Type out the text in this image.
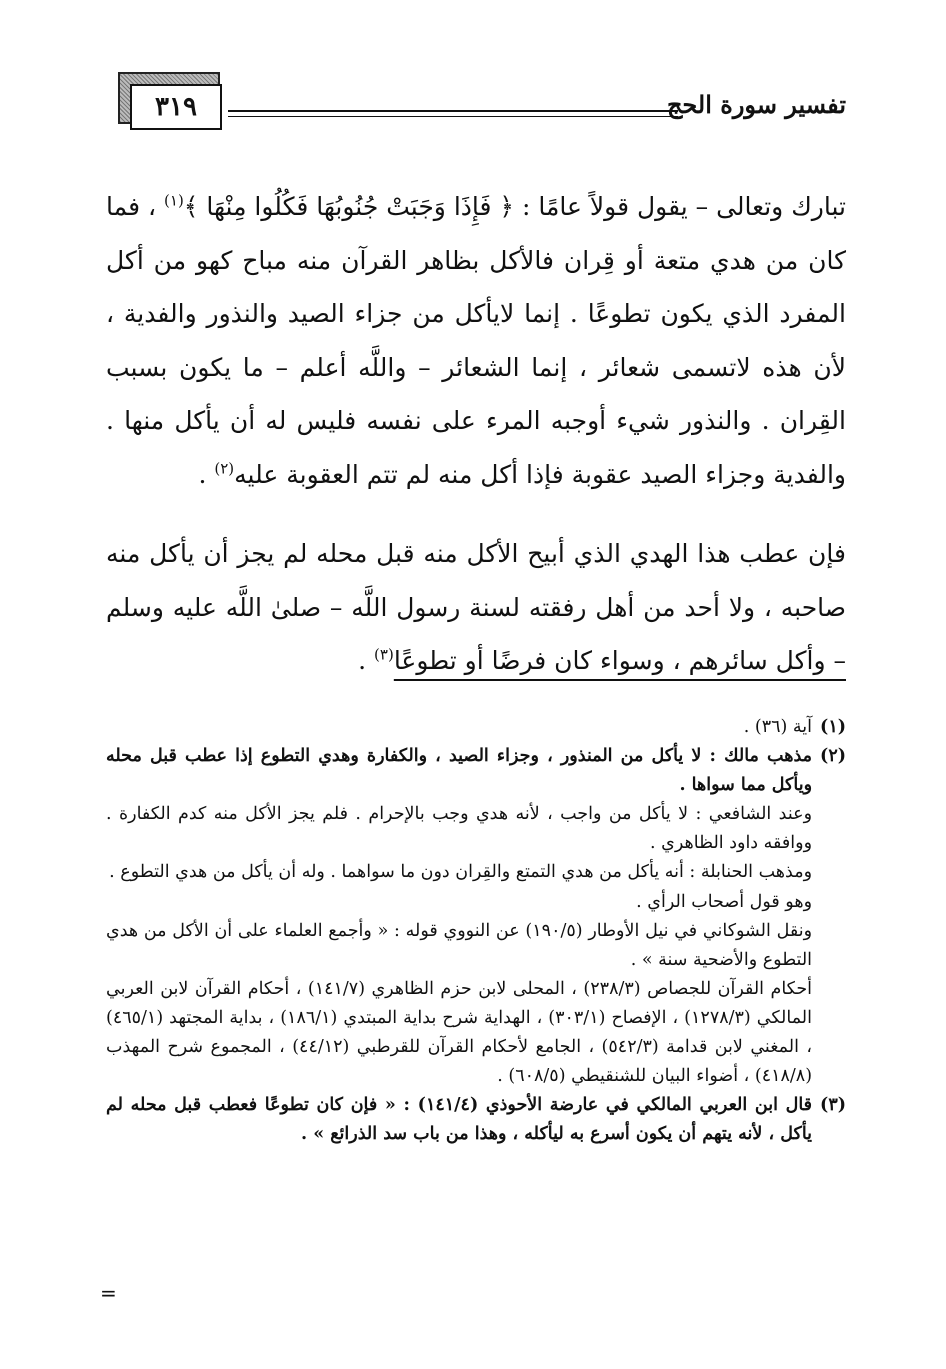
تفسير سورة الحج
٣١٩

تبارك وتعالى – يقول قولاً عامًا : ﴿ فَإِذَا وَجَبَتْ جُنُوبُهَا فَكُلُوا مِنْهَا ﴾$^{(١)}$ ، فما كان من هدي متعة أو قِران فالأكل بظاهر القرآن منه مباح كهو من أكل المفرد الذي يكون تطوعًا . إنما لايأكل من جزاء الصيد والنذور والفدية ، لأن هذه لاتسمى شعائر ، إنما الشعائر – واللَّه أعلم – ما يكون بسبب القِران . والنذور شيء أوجبه المرء على نفسه فليس له أن يأكل منها . والفدية وجزاء الصيد عقوبة فإذا أكل منه لم تتم العقوبة عليه$^{(٢)}$ .

فإن عطب هذا الهدي الذي أبيح الأكل منه قبل محله لم يجز أن يأكل منه صاحبه ، ولا أحد من أهل رفقته لسنة رسول اللَّه – صلىٰ اللَّه عليه وسلم – وأكل سائرهم ، وسواء كان فرضًا أو تطوعًا$^{(٣)}$ .

(١)
آية (٣٦) .
(٢)

مذهب مالك : لا يأكل من المنذور ، وجزاء الصيد ، والكفارة وهدي التطوع إذا عطب قبل محله ويأكل مما سواها .

وعند الشافعي : لا يأكل من واجب ، لأنه هدي وجب بالإحرام . فلم يجز الأكل منه كدم الكفارة . ووافقه داود الظاهري .

ومذهب الحنابلة : أنه يأكل من هدي التمتع والقِران دون ما سواهما . وله أن يأكل من هدي التطوع .

وهو قول أصحاب الرأي .

ونقل الشوكاني في نيل الأوطار (١٩٠/٥) عن النووي قوله : « وأجمع العلماء على أن الأكل من هدي التطوع والأضحية سنة » .

أحكام القرآن للجصاص (٢٣٨/٣) ، المحلى لابن حزم الظاهري (١٤١/٧) ، أحكام القرآن لابن العربي المالكي (١٢٧٨/٣) ، الإفصاح (٣٠٣/١) ، الهداية شرح بداية المبتدي (١٨٦/١) ، بداية المجتهد (٤٦٥/١) ، المغني لابن قدامة (٥٤٢/٣) ، الجامع لأحكام القرآن للقرطبي (٤٤/١٢) ، المجموع شرح المهذب (٤١٨/٨) ، أضواء البيان للشنقيطي (٦٠٨/٥) .

(٣)
قال ابن العربي المالكي في عارضة الأحوذي (١٤١/٤) : « فإن كان تطوعًا فعطب قبل محله لم يأكل ، لأنه يتهم أن يكون أسرع به ليأكله ، وهذا من باب سد الذرائع » .
=
